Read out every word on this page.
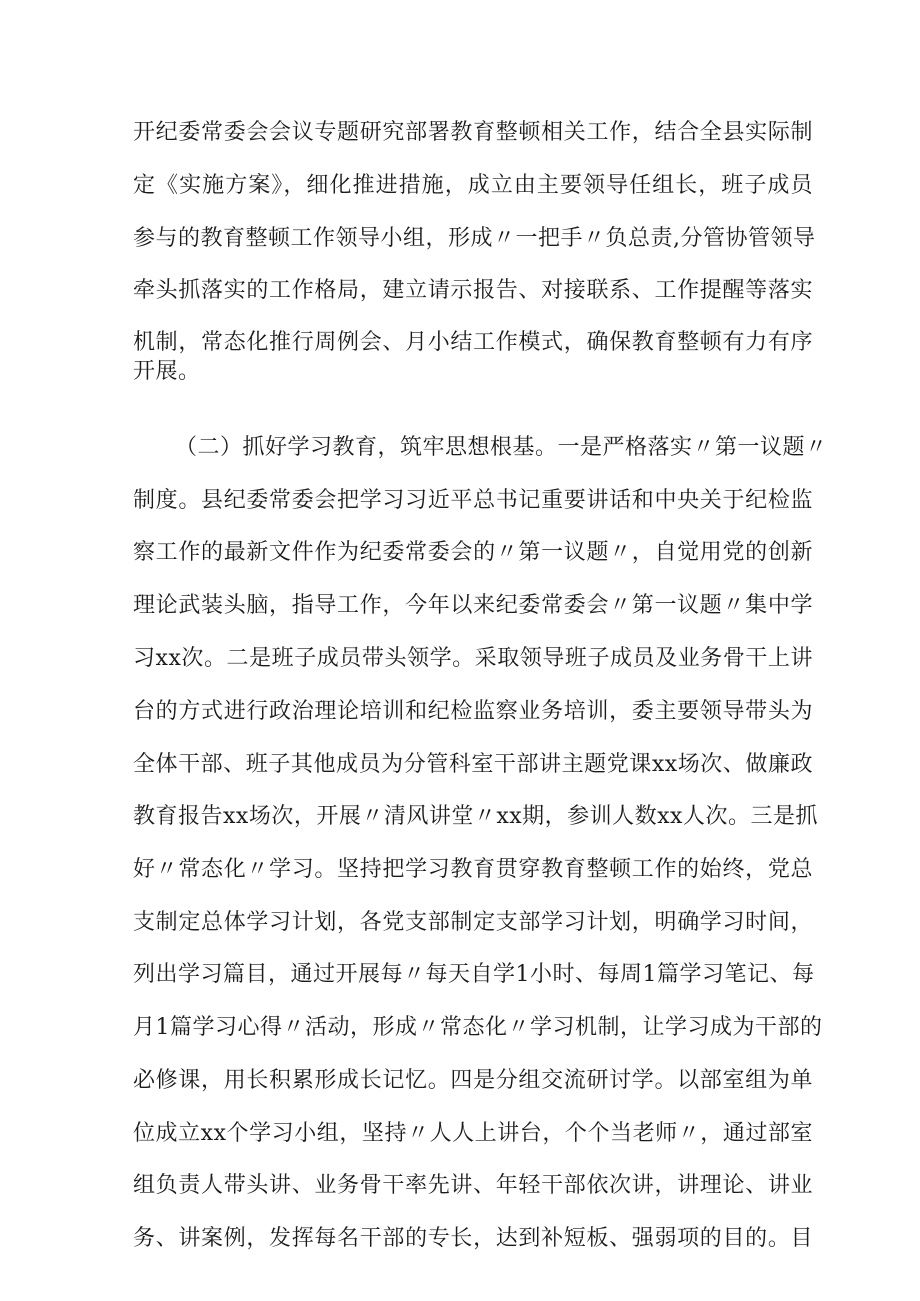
开纪委常委会会议专题研究部署教育整顿相关工作，结合全县实际制
定《实施方案》，细化推进措施，成立由主要领导任组长，班子成员
参与的教育整顿工作领导小组，形成〃一把手〃负总责,分管协管领导
牵头抓落实的工作格局，建立请示报告、对接联系、工作提醒等落实
机制，常态化推行周例会、月小结工作模式，确保教育整顿有力有序
开展。
（二）抓好学习教育，筑牢思想根基。一是严格落实〃第一议题〃
制度。县纪委常委会把学习习近平总书记重要讲话和中央关于纪检监
察工作的最新文件作为纪委常委会的〃第一议题〃，自觉用党的创新
理论武装头脑，指导工作，今年以来纪委常委会〃第一议题〃集中学
习xx次。二是班子成员带头领学。采取领导班子成员及业务骨干上讲
台的方式进行政治理论培训和纪检监察业务培训，委主要领导带头为
全体干部、班子其他成员为分管科室干部讲主题党课xx场次、做廉政
教育报告xx场次，开展〃清风讲堂〃xx期，参训人数xx人次。三是抓
好〃常态化〃学习。坚持把学习教育贯穿教育整顿工作的始终，党总
支制定总体学习计划，各党支部制定支部学习计划，明确学习时间，
列出学习篇目，通过开展每〃每天自学1小时、每周1篇学习笔记、每
月1篇学习心得〃活动，形成〃常态化〃学习机制，让学习成为干部的
必修课，用长积累形成长记忆。四是分组交流研讨学。以部室组为单
位成立xx个学习小组，坚持〃人人上讲台，个个当老师〃，通过部室
组负责人带头讲、业务骨干率先讲、年轻干部依次讲，讲理论、讲业
务、讲案例，发挥每名干部的专长，达到补短板、强弱项的目的。目
